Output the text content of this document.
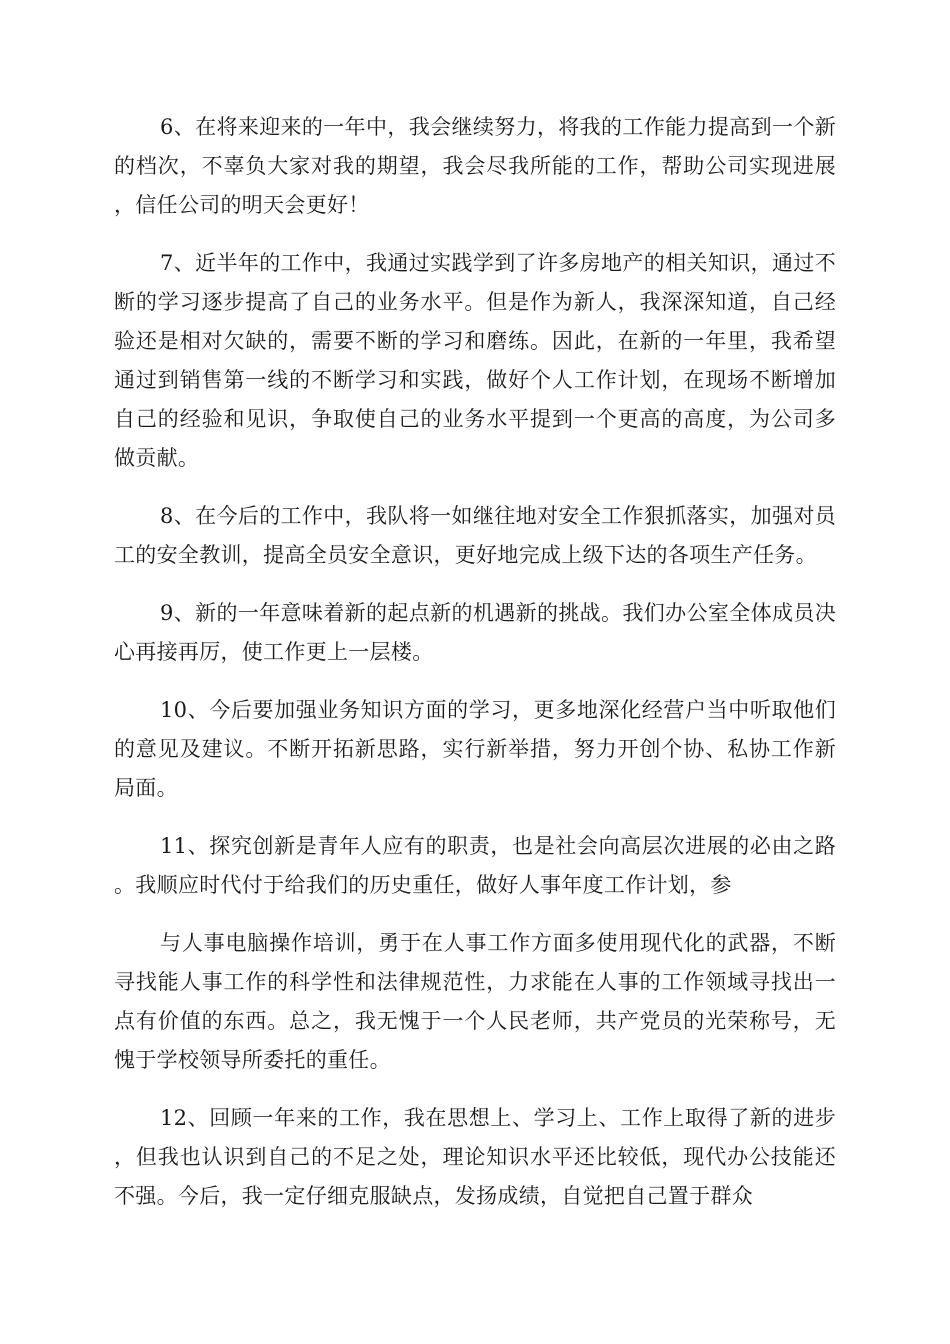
6、在将来迎来的一年中，我会继续努力，将我的工作能力提高到一个新的档次，不辜负大家对我的期望，我会尽我所能的工作，帮助公司实现进展，信任公司的明天会更好！

7、近半年的工作中，我通过实践学到了许多房地产的相关知识，通过不断的学习逐步提高了自己的业务水平。但是作为新人，我深深知道，自己经验还是相对欠缺的，需要不断的学习和磨练。因此，在新的一年里，我希望通过到销售第一线的不断学习和实践，做好个人工作计划，在现场不断增加自己的经验和见识，争取使自己的业务水平提到一个更高的高度，为公司多做贡献。

8、在今后的工作中，我队将一如继往地对安全工作狠抓落实，加强对员工的安全教训，提高全员安全意识，更好地完成上级下达的各项生产任务。

9、新的一年意味着新的起点新的机遇新的挑战。我们办公室全体成员决心再接再厉，使工作更上一层楼。

10、今后要加强业务知识方面的学习，更多地深化经营户当中听取他们的意见及建议。不断开拓新思路，实行新举措，努力开创个协、私协工作新局面。

11、探究创新是青年人应有的职责，也是社会向高层次进展的必由之路。我顺应时代付于给我们的历史重任，做好人事年度工作计划，参

与人事电脑操作培训，勇于在人事工作方面多使用现代化的武器，不断寻找能人事工作的科学性和法律规范性，力求能在人事的工作领域寻找出一点有价值的东西。总之，我无愧于一个人民老师，共产党员的光荣称号，无愧于学校领导所委托的重任。

12、回顾一年来的工作，我在思想上、学习上、工作上取得了新的进步，但我也认识到自己的不足之处，理论知识水平还比较低，现代办公技能还不强。今后，我一定仔细克服缺点，发扬成绩，自觉把自己置于群众
